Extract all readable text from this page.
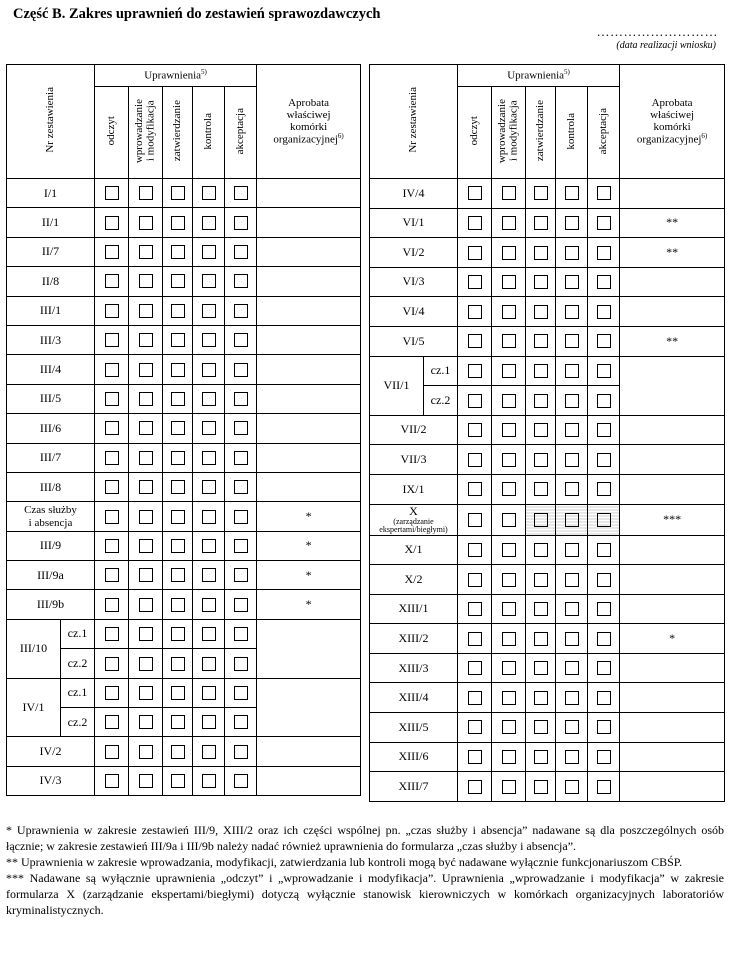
Część B. Zakres uprawnień do zestawień sprawozdawczych
………………………
(data realizacji wniosku)
Nr zestawienia		Uprawnienia$^{5)}$					Aprobata
właściwej
komórki
organizacyjnej$^{6)}$
		odczyt	wprowadzanie
i modyfikacja	zatwierdzanie	kontrola	akceptacja	
I/1							
II/1							
II/7							
II/8							
III/1							
III/3							
III/4							
III/5							
III/6							
III/7							
III/8							
Czas służby
i absencja							*
III/9							*
III/9a							*
III/9b							*
III/10	cz.1						
	cz.2						
IV/1	cz.1						
	cz.2						
IV/2							
IV/3							
Nr zestawienia		Uprawnienia$^{5)}$					Aprobata
właściwej
komórki
organizacyjnej$^{6)}$
		odczyt	wprowadzanie
i modyfikacja	zatwierdzanie	kontrola	akceptacja	
IV/4							
VI/1							**
VI/2							**
VI/3							
VI/4							
VI/5							**
VII/1	cz.1						
	cz.2						
VII/2							
VII/3							
IX/1							
X
(zarządzanie
ekspertami/biegłymi)							***
X/1							
X/2							
XIII/1							
XIII/2							*
XIII/3							
XIII/4							
XIII/5							
XIII/6							
XIII/7							

* Uprawnienia w zakresie zestawień III/9, XIII/2 oraz ich części wspólnej pn. „czas służby i absencja” nadawane są dla poszczególnych osób łącznie; w zakresie zestawień III/9a i III/9b należy nadać również uprawnienia do formularza „czas służby i absencja”.

** Uprawnienia w zakresie wprowadzania, modyfikacji, zatwierdzania lub kontroli mogą być nadawane wyłącznie funkcjonariuszom CBŚP.

*** Nadawane są wyłącznie uprawnienia „odczyt” i „wprowadzanie i modyfikacja”. Uprawnienia „wprowadzanie i modyfikacja” w zakresie formularza X (zarządzanie ekspertami/biegłymi) dotyczą wyłącznie stanowisk kierowniczych w komórkach organizacyjnych laboratoriów kryminalistycznych.
